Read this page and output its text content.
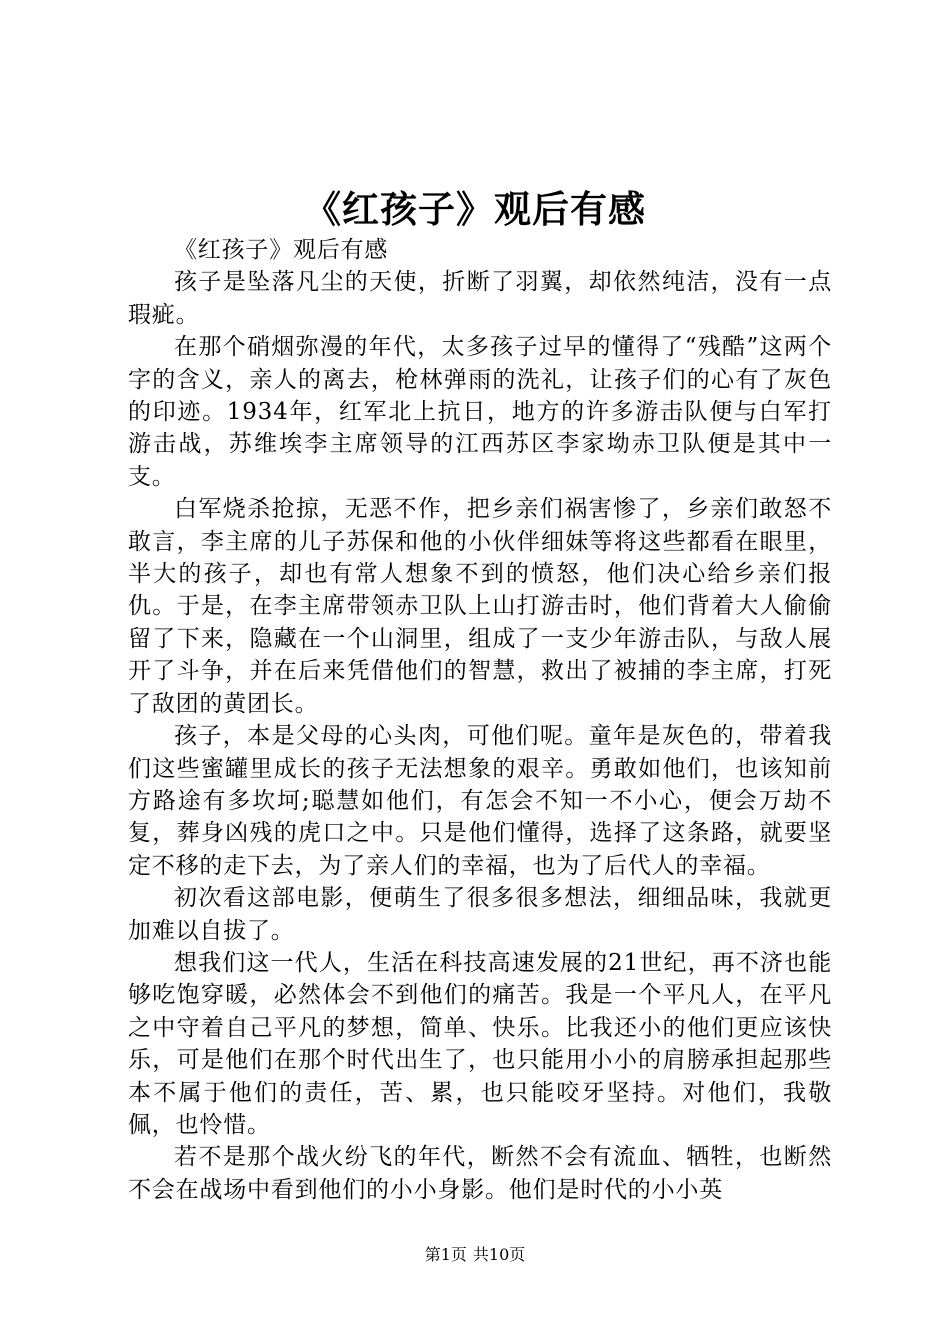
《红孩子》观后有感

《红孩子》观后有感

孩子是坠落凡尘的天使，折断了羽翼，却依然纯洁，没有一点瑕疵。

在那个硝烟弥漫的年代，太多孩子过早的懂得了“残酷”这两个字的含义，亲人的离去，枪林弹雨的洗礼，让孩子们的心有了灰色的印迹。1934年，红军北上抗日，地方的许多游击队便与白军打游击战，苏维埃李主席领导的江西苏区李家坳赤卫队便是其中一支。

白军烧杀抢掠，无恶不作，把乡亲们祸害惨了，乡亲们敢怒不敢言，李主席的儿子苏保和他的小伙伴细妹等将这些都看在眼里，半大的孩子，却也有常人想象不到的愤怒，他们决心给乡亲们报仇。于是，在李主席带领赤卫队上山打游击时，他们背着大人偷偷留了下来，隐藏在一个山洞里，组成了一支少年游击队，与敌人展开了斗争，并在后来凭借他们的智慧，救出了被捕的李主席，打死了敌团的黄团长。

孩子，本是父母的心头肉，可他们呢。童年是灰色的，带着我们这些蜜罐里成长的孩子无法想象的艰辛。勇敢如他们，也该知前方路途有多坎坷;聪慧如他们，有怎会不知一不小心，便会万劫不复，葬身凶残的虎口之中。只是他们懂得，选择了这条路，就要坚定不移的走下去，为了亲人们的幸福，也为了后代人的幸福。

初次看这部电影，便萌生了很多很多想法，细细品味，我就更加难以自拔了。

想我们这一代人，生活在科技高速发展的21世纪，再不济也能够吃饱穿暖，必然体会不到他们的痛苦。我是一个平凡人，在平凡之中守着自己平凡的梦想，简单、快乐。比我还小的他们更应该快乐，可是他们在那个时代出生了，也只能用小小的肩膀承担起那些本不属于他们的责任，苦、累，也只能咬牙坚持。对他们，我敬佩，也怜惜。

若不是那个战火纷飞的年代，断然不会有流血、牺牲，也断然不会在战场中看到他们的小小身影。他们是时代的小小英

第1页 共10页
